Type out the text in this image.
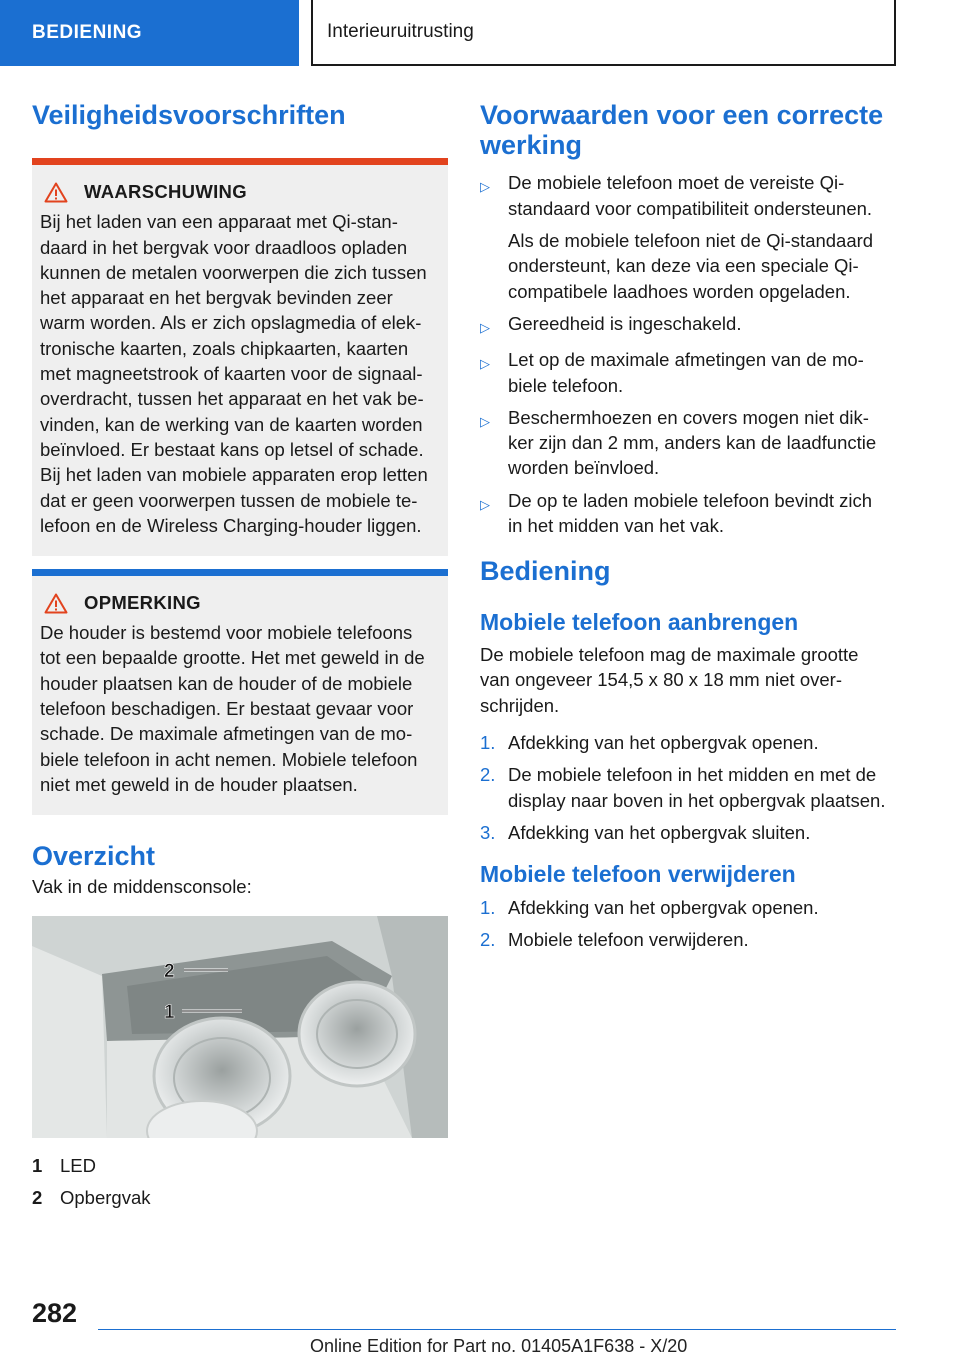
BEDIENING	Interieuruitrusting
Veiligheidsvoorschriften
WAARSCHUWING
Bij het laden van een apparaat met Qi-stan-
daard in het bergvak voor draadloos opladen
kunnen de metalen voorwerpen die zich tussen
het apparaat en het bergvak bevinden zeer
warm worden. Als er zich opslagmedia of elek-
tronische kaarten, zoals chipkaarten, kaarten
met magneetstrook of kaarten voor de signaal-
overdracht, tussen het apparaat en het vak be-
vinden, kan de werking van de kaarten worden
beïnvloed. Er bestaat kans op letsel of schade.
Bij het laden van mobiele apparaten erop letten
dat er geen voorwerpen tussen de mobiele te-
lefoon en de Wireless Charging-houder liggen.
OPMERKING
De houder is bestemd voor mobiele telefoons
tot een bepaalde grootte. Het met geweld in de
houder plaatsen kan de houder of de mobiele
telefoon beschadigen. Er bestaat gevaar voor
schade. De maximale afmetingen van de mo-
biele telefoon in acht nemen. Mobiele telefoon
niet met geweld in de houder plaatsen.
Overzicht

Vak in de middensconsole:

2
1
1 LED
2 Opbergvak
Voorwaarden voor een correcte
werking
▷ De mobiele telefoon moet de vereiste Qi-
standaard voor compatibiliteit ondersteunen.
Als de mobiele telefoon niet de Qi-standaard
ondersteunt, kan deze via een speciale Qi-
compatibele laadhoes worden opgeladen.
▷ Gereedheid is ingeschakeld.
▷ Let op de maximale afmetingen van de mo-
biele telefoon.
▷ Beschermhoezen en covers mogen niet dik-
ker zijn dan 2 mm, anders kan de laadfunctie
worden beïnvloed.
▷ De op te laden mobiele telefoon bevindt zich
in het midden van het vak.
Bediening
Mobiele telefoon aanbrengen
De mobiele telefoon mag de maximale grootte
van ongeveer 154,5 x 80 x 18 mm niet over-
schrijden.
1. Afdekking van het opbergvak openen.
2. De mobiele telefoon in het midden en met de
display naar boven in het opbergvak plaatsen.
3. Afdekking van het opbergvak sluiten.
Mobiele telefoon verwijderen
1. Afdekking van het opbergvak openen.
2. Mobiele telefoon verwijderen.
282
Online Edition for Part no. 01405A1F638 - X/20
